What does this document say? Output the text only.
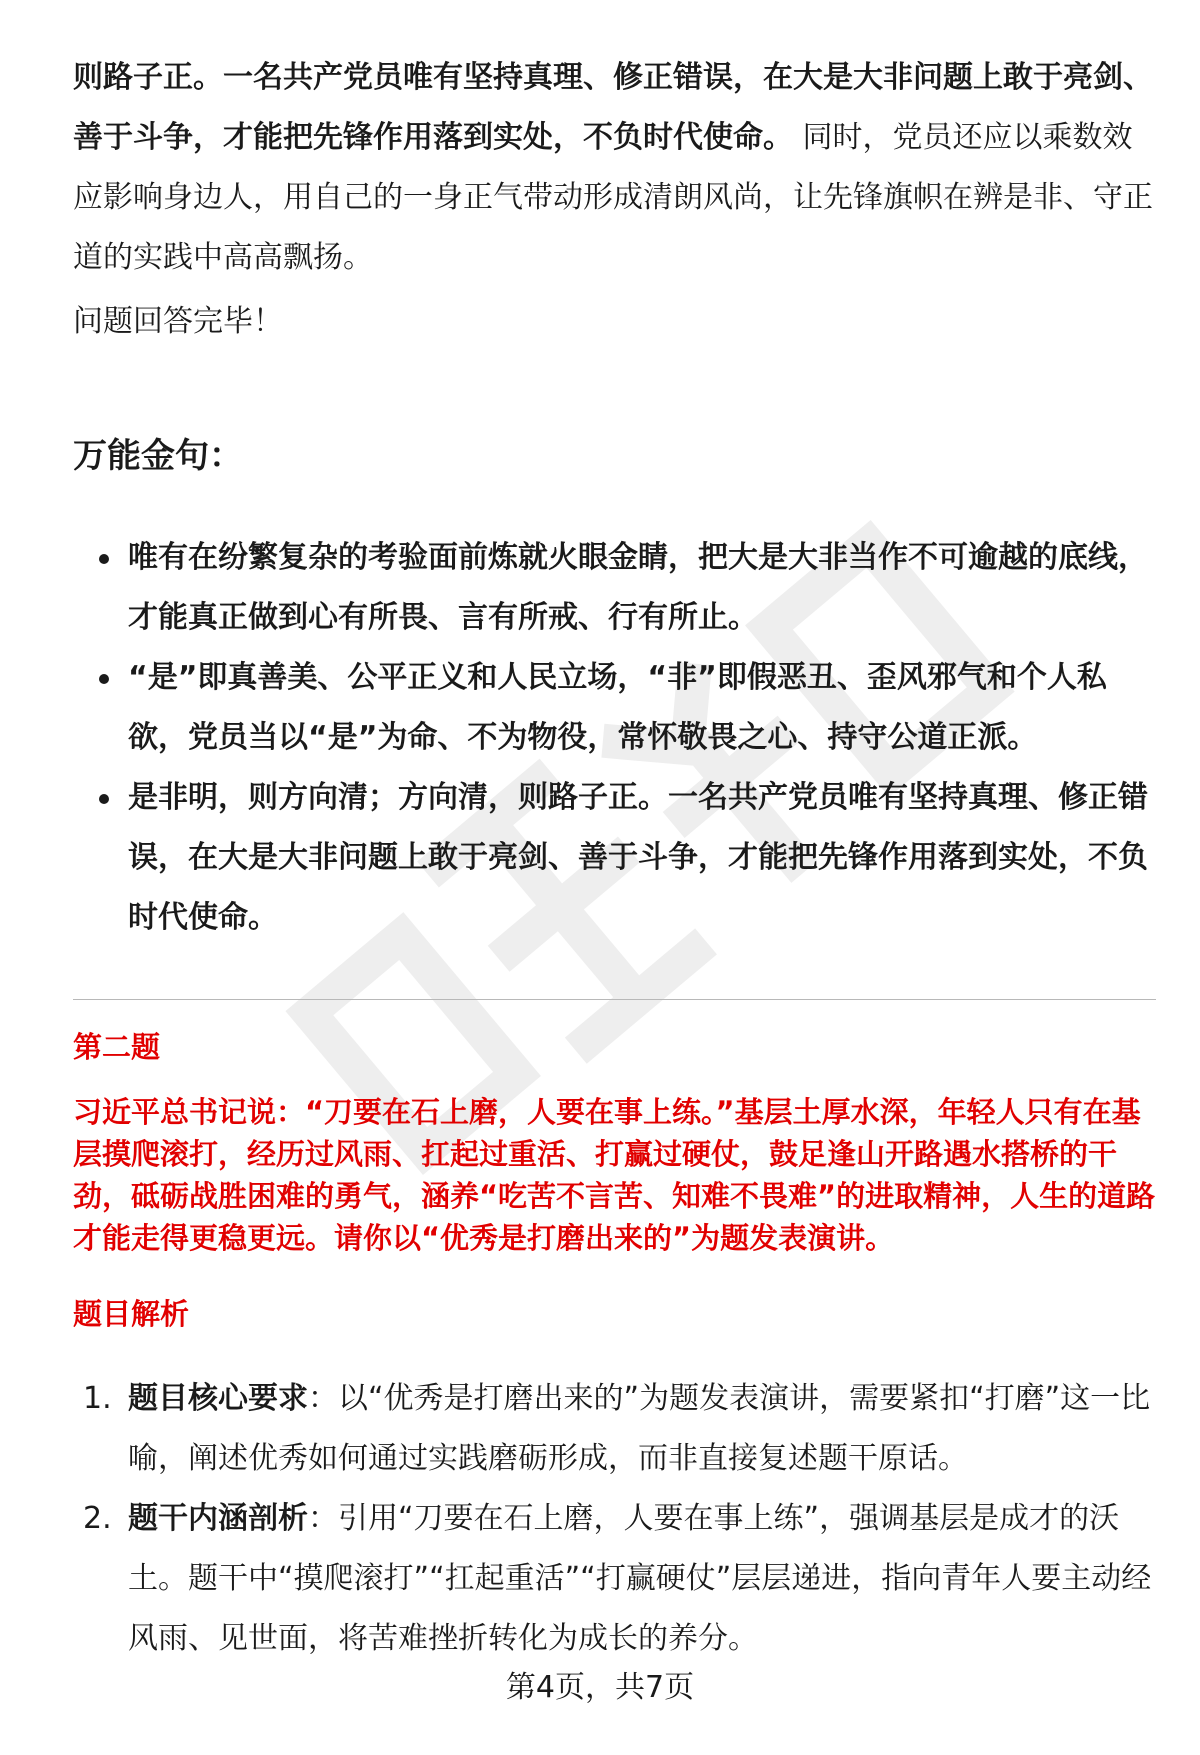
则路子正。一名共产党员唯有坚持真理、修正错误，在大是大非问题上敢于亮剑、善于斗争，才能把先锋作用落到实处，不负时代使命。 同时，党员还应以乘数效应影响身边人，用自己的一身正气带动形成清朗风尚，让先锋旗帜在辨是非、守正道的实践中高高飘扬。

问题回答完毕！

万能金句：
唯有在纷繁复杂的考验面前炼就火眼金睛，把大是大非当作不可逾越的底线，才能真正做到心有所畏、言有所戒、行有所止。
“是”即真善美、公平正义和人民立场，“非”即假恶丑、歪风邪气和个人私欲，党员当以“是”为命、不为物役，常怀敬畏之心、持守公道正派。
是非明，则方向清；方向清，则路子正。一名共产党员唯有坚持真理、修正错误，在大是大非问题上敢于亮剑、善于斗争，才能把先锋作用落到实处，不负时代使命。

第二题

习近平总书记说：“刀要在石上磨，人要在事上练。”基层土厚水深，年轻人只有在基层摸爬滚打，经历过风雨、扛起过重活、打赢过硬仗，鼓足逢山开路遇水搭桥的干劲，砥砺战胜困难的勇气，涵养“吃苦不言苦、知难不畏难”的进取精神，人生的道路才能走得更稳更远。请你以“优秀是打磨出来的”为题发表演讲。

题目解析

1. 题目核心要求：以“优秀是打磨出来的”为题发表演讲，需要紧扣“打磨”这一比喻，阐述优秀如何通过实践磨砺形成，而非直接复述题干原话。
2. 题干内涵剖析：引用“刀要在石上磨，人要在事上练”，强调基层是成才的沃土。题干中“摸爬滚打”“扛起重活”“打赢硬仗”层层递进，指向青年人要主动经风雨、见世面，将苦难挫折转化为成长的养分。
第4页，共7页
